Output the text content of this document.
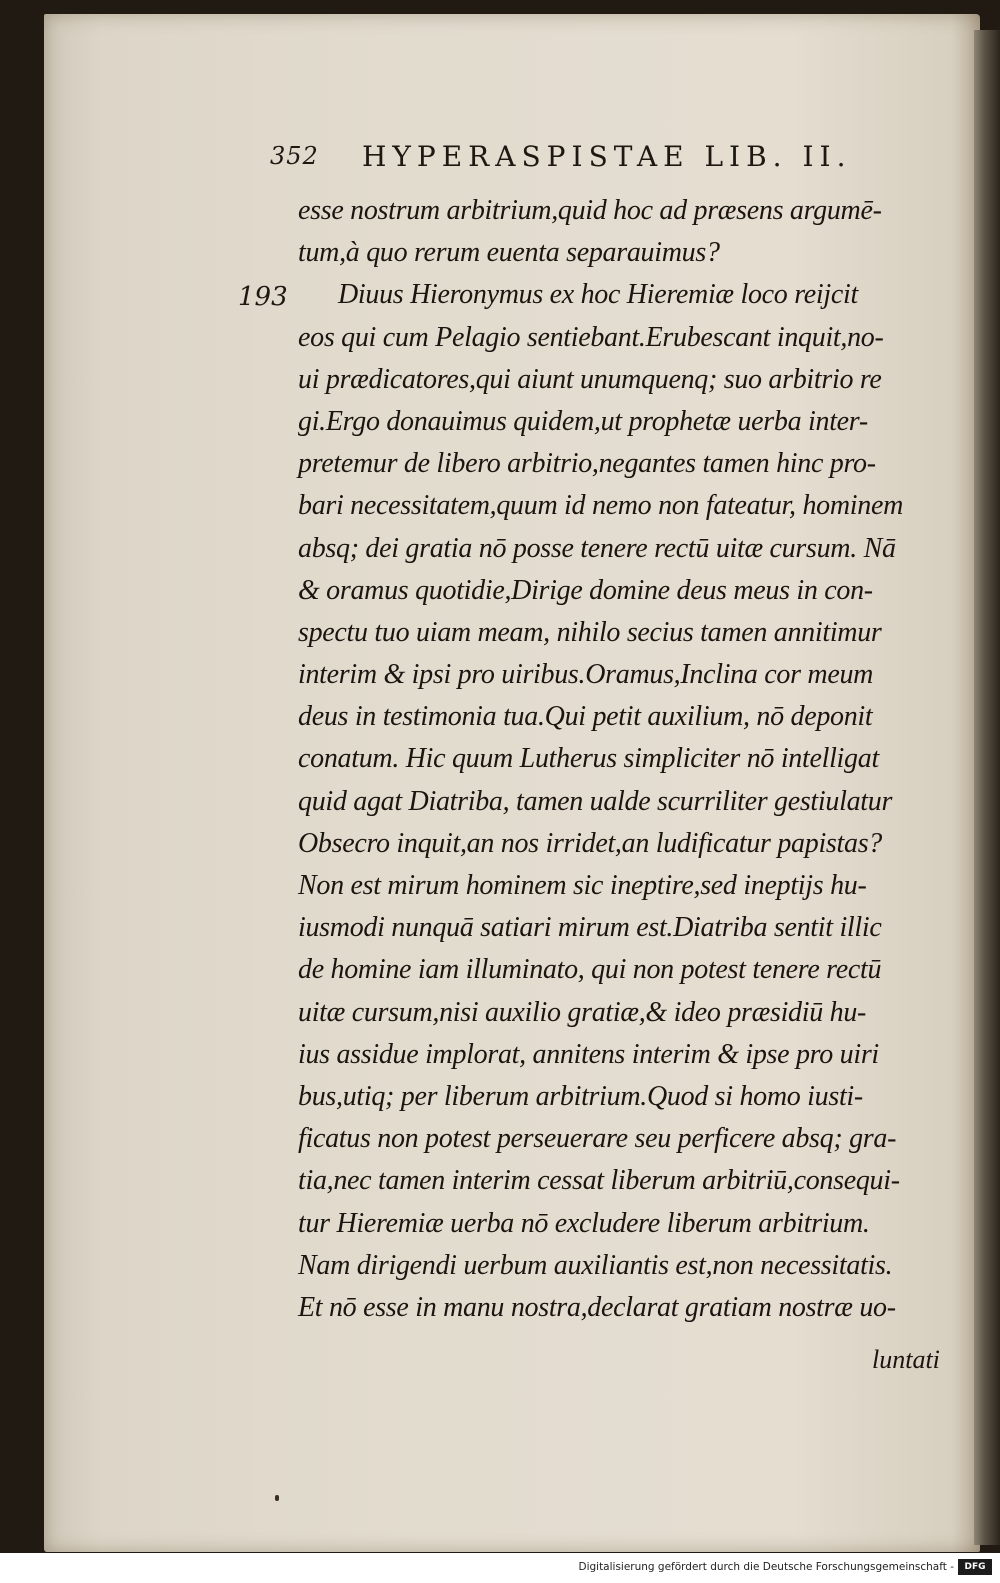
352 HYPERASPISTAE LIB. II.
193
esse nostrum arbitrium,quid hoc ad præsens argumē-
tum,à quo rerum euenta separauimus?
Diuus Hieronymus ex hoc Hieremiæ loco reijcit
eos qui cum Pelagio sentiebant.Erubescant inquit,no-
ui prædicatores,qui aiunt unumquenq; suo arbitrio re
gi.Ergo donauimus quidem,ut prophetæ uerba inter-
pretemur de libero arbitrio,negantes tamen hinc pro-
bari necessitatem,quum id nemo non fateatur, hominem
absq; dei gratia nō posse tenere rectū uitæ cursum. Nā
& oramus quotidie,Dirige domine deus meus in con-
spectu tuo uiam meam, nihilo secius tamen annitimur
interim & ipsi pro uiribus.Oramus,Inclina cor meum
deus in testimonia tua.Qui petit auxilium, nō deponit
conatum. Hic quum Lutherus simpliciter nō intelligat
quid agat Diatriba, tamen ualde scurriliter gestiulatur
Obsecro inquit,an nos irridet,an ludificatur papistas?
Non est mirum hominem sic ineptire,sed ineptijs hu-
iusmodi nunquā satiari mirum est.Diatriba sentit illic
de homine iam illuminato, qui non potest tenere rectū
uitæ cursum,nisi auxilio gratiæ,& ideo præsidiū hu-
ius assidue implorat, annitens interim & ipse pro uiri
bus,utiq; per liberum arbitrium.Quod si homo iusti-
ficatus non potest perseuerare seu perficere absq; gra-
tia,nec tamen interim cessat liberum arbitriū,consequi-
tur Hieremiæ uerba nō excludere liberum arbitrium.
Nam dirigendi uerbum auxiliantis est,non necessitatis.
Et nō esse in manu nostra,declarat gratiam nostræ uo-
luntati
Digitalisierung gefördert durch die Deutsche Forschungsgemeinschaft -	DFG
